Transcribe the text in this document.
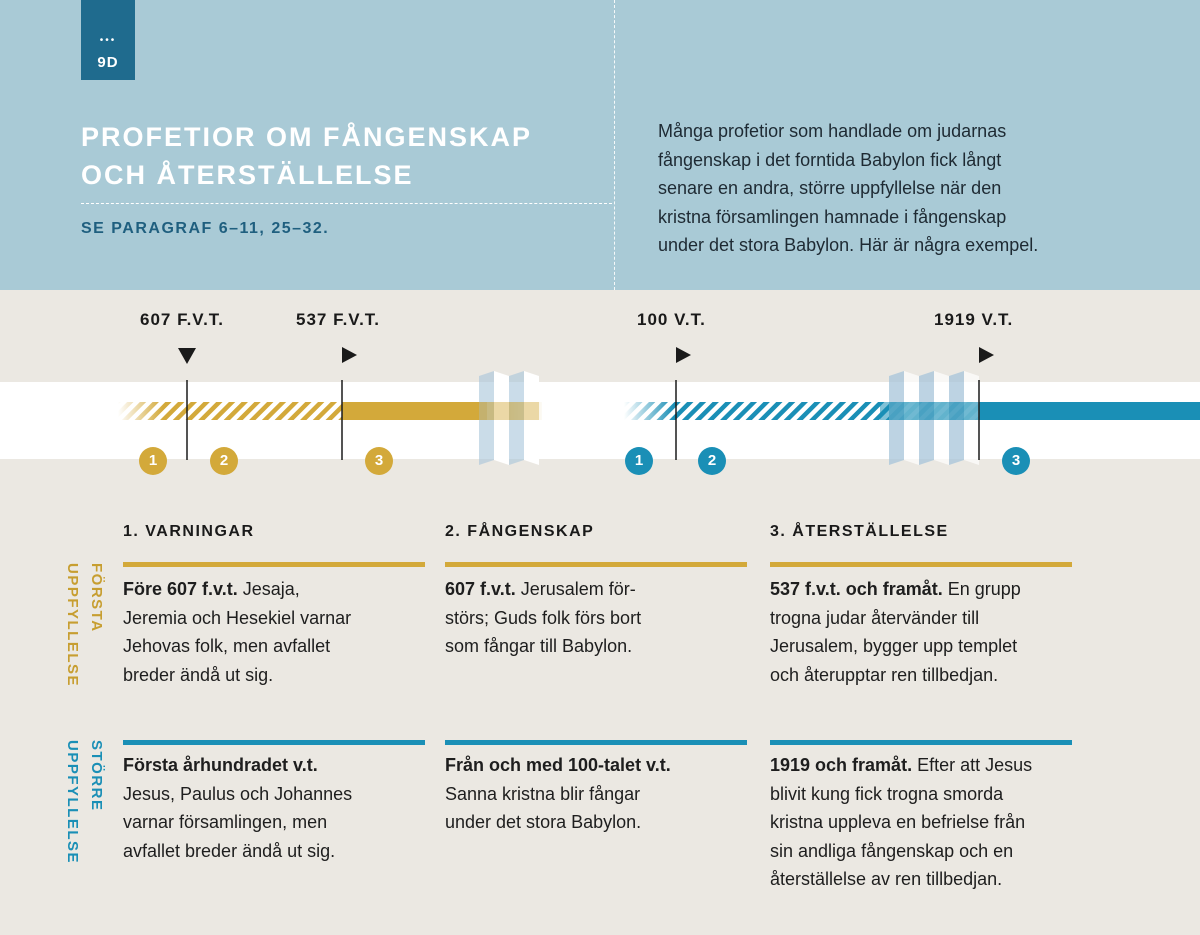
•••
9D
PROFETIOR OM FÅNGENSKAP
OCH ÅTERSTÄLLELSE
SE PARAGRAF 6–11, 25–32.
Många profetior som handlade om judarnas
fångenskap i det forntida Babylon fick långt
senare en andra, större uppfyllelse när den
kristna församlingen hamnade i fångenskap
under det stora Babylon. Här är några exempel.
607 F.V.T.	537 F.V.T.	100 V.T.	1919 V.T.
1	2	3	1	2	3
FÖRSTA
UPPFYLLELSE
STÖRRE
UPPFYLLELSE
1. VARNINGAR	2. FÅNGENSKAP	3. ÅTERSTÄLLELSE
Före 607 f.v.t. Jesaja,
Jeremia och Hesekiel varnar
Jehovas folk, men avfallet
breder ändå ut sig.
607 f.v.t. Jerusalem för-
störs; Guds folk förs bort
som fångar till Babylon.
537 f.v.t. och framåt. En grupp
trogna judar återvänder till
Jerusalem, bygger upp templet
och återupptar ren tillbedjan.
Första århundradet v.t.
Jesus, Paulus och Johannes
varnar församlingen, men
avfallet breder ändå ut sig.
Från och med 100-talet v.t.
Sanna kristna blir fångar
under det stora Babylon.
1919 och framåt. Efter att Jesus
blivit kung fick trogna smorda
kristna uppleva en befrielse från
sin andliga fångenskap och en
återställelse av ren tillbedjan.
